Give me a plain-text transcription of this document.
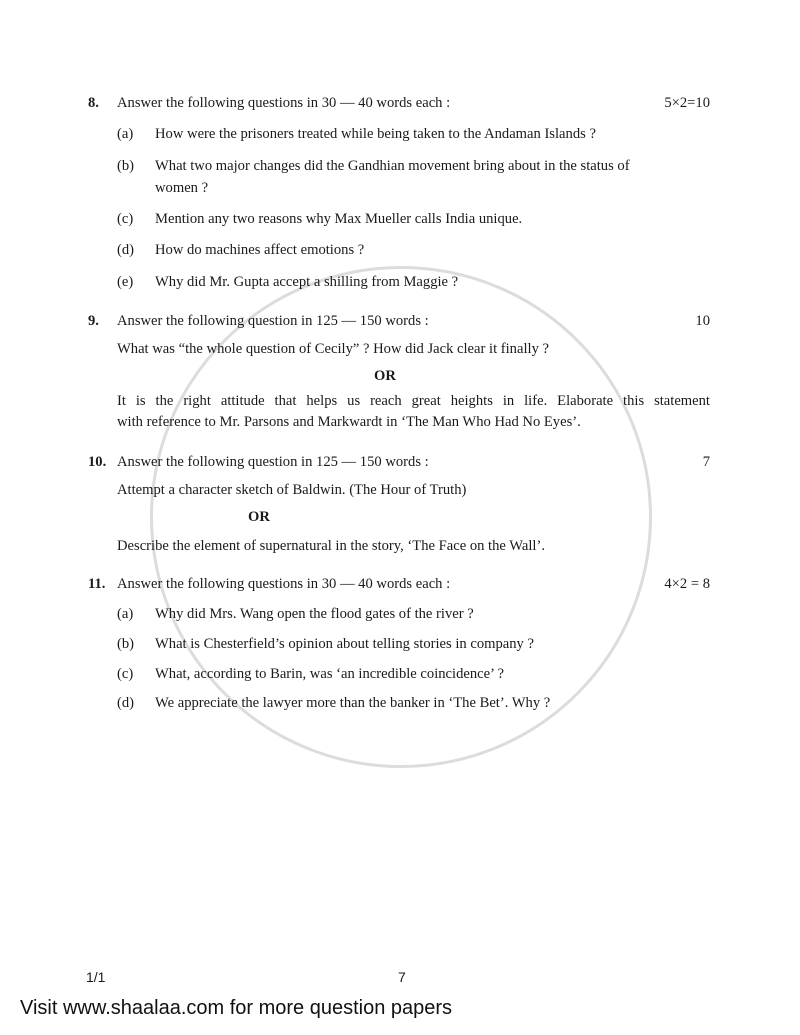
8. Answer the following questions in 30 — 40 words each :	5×2=10
(a) How were the prisoners treated while being taken to the Andaman Islands ?
(b) What two major changes did the Gandhian movement bring about in the status of
women ?
(c) Mention any two reasons why Max Mueller calls India unique.
(d) How do machines affect emotions ?
(e) Why did Mr. Gupta accept a shilling from Maggie ?
9. Answer the following question in 125 — 150 words :	10
What was “the whole question of Cecily” ? How did Jack clear it finally ?
OR
It is the right attitude that helps us reach great heights in life. Elaborate this statement
with reference to Mr. Parsons and Markwardt in ‘The Man Who Had No Eyes’.
10. Answer the following question in 125 — 150 words :	7
Attempt a character sketch of Baldwin. (The Hour of Truth)
OR
Describe the element of supernatural in the story, ‘The Face on the Wall’.
11. Answer the following questions in 30 — 40 words each :	4×2 = 8
(a) Why did Mrs. Wang open the flood gates of the river ?
(b) What is Chesterfield’s opinion about telling stories in company ?
(c) What, according to Barin, was ‘an incredible coincidence’ ?
(d) We appreciate the lawyer more than the banker in ‘The Bet’. Why ?
1/1	7
Visit www.shaalaa.com for more question papers
